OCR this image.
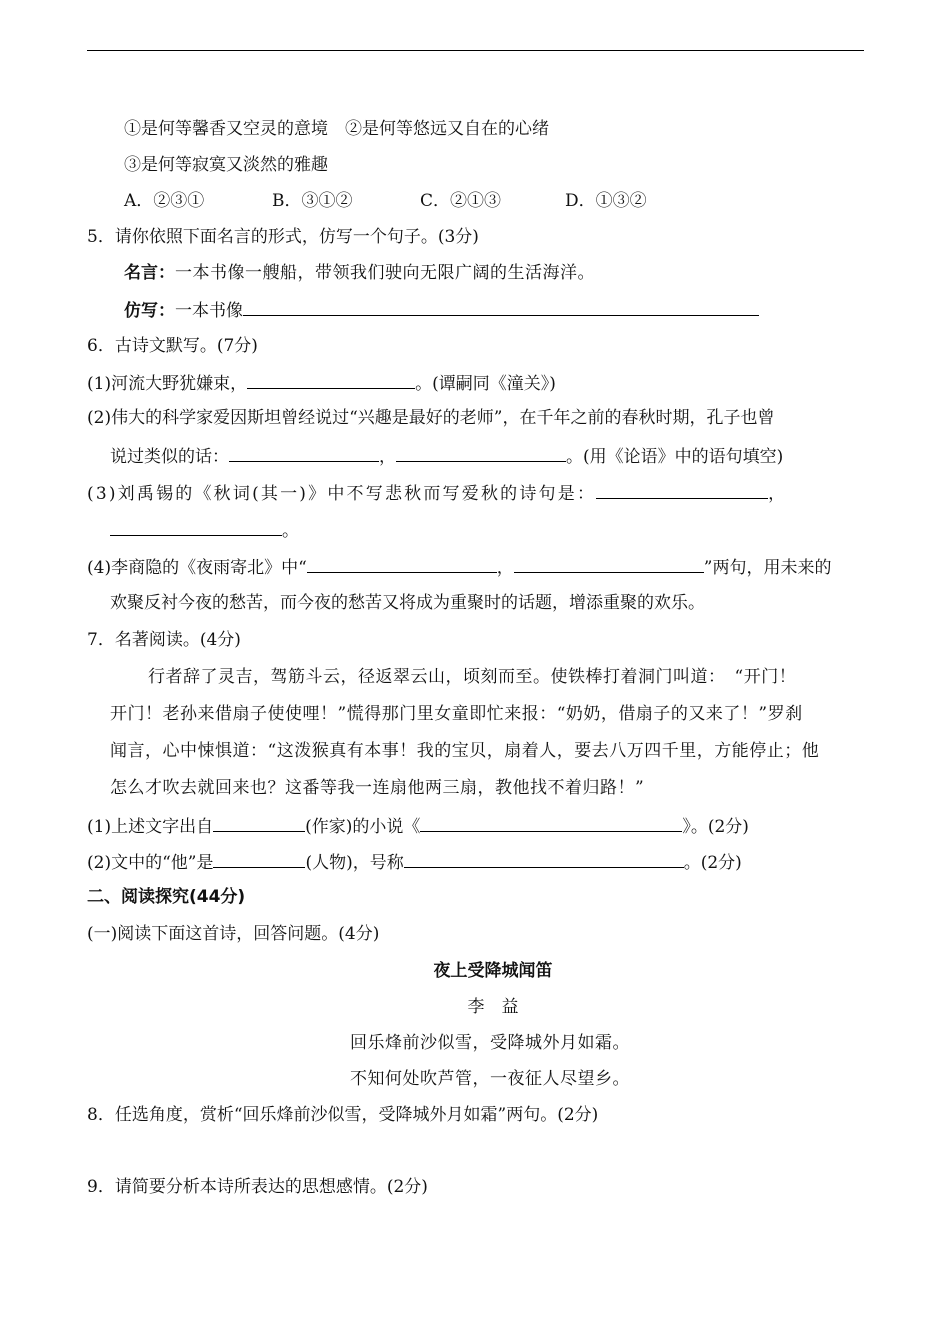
①是何等馨香又空灵的意境　②是何等悠远又自在的心绪
③是何等寂寞又淡然的雅趣
A．②③①	B．③①②	C．②①③	D．①③②
5．请你依照下面名言的形式，仿写一个句子。(3分)
名言：一本书像一艘船，带领我们驶向无限广阔的生活海洋。
仿写：一本书像
6．古诗文默写。(7分)
(1)河流大野犹嫌束，	。(谭嗣同《潼关》)
(2)伟大的科学家爱因斯坦曾经说过“兴趣是最好的老师”，在千年之前的春秋时期，孔子也曾
说过类似的话：	，	。(用《论语》中的语句填空)
(3)刘禹锡的《秋词(其一)》中不写悲秋而写爱秋的诗句是：	，
。
(4)李商隐的《夜雨寄北》中“	，	”两句，用未来的
欢聚反衬今夜的愁苦，而今夜的愁苦又将成为重聚时的话题，增添重聚的欢乐。
7．名著阅读。(4分)
行者辞了灵吉，驾筋斗云，径返翠云山，顷刻而至。使铁棒打着洞门叫道：　“开门！
开门！老孙来借扇子使使哩！”慌得那门里女童即忙来报：“奶奶，借扇子的又来了！”罗刹
闻言，心中悚惧道：“这泼猴真有本事！我的宝贝，扇着人，要去八万四千里，方能停止；他
怎么才吹去就回来也？这番等我一连扇他两三扇，教他找不着归路！”
(1)上述文字出自	(作家)的小说《	》。(2分)
(2)文中的“他”是	(人物)，号称	。(2分)
二、阅读探究(44分)
(一)阅读下面这首诗，回答问题。(4分)
夜上受降城闻笛
李　益
回乐烽前沙似雪，受降城外月如霜。
不知何处吹芦管，一夜征人尽望乡。
8．任选角度，赏析“回乐烽前沙似雪，受降城外月如霜”两句。(2分)
9．请简要分析本诗所表达的思想感情。(2分)
